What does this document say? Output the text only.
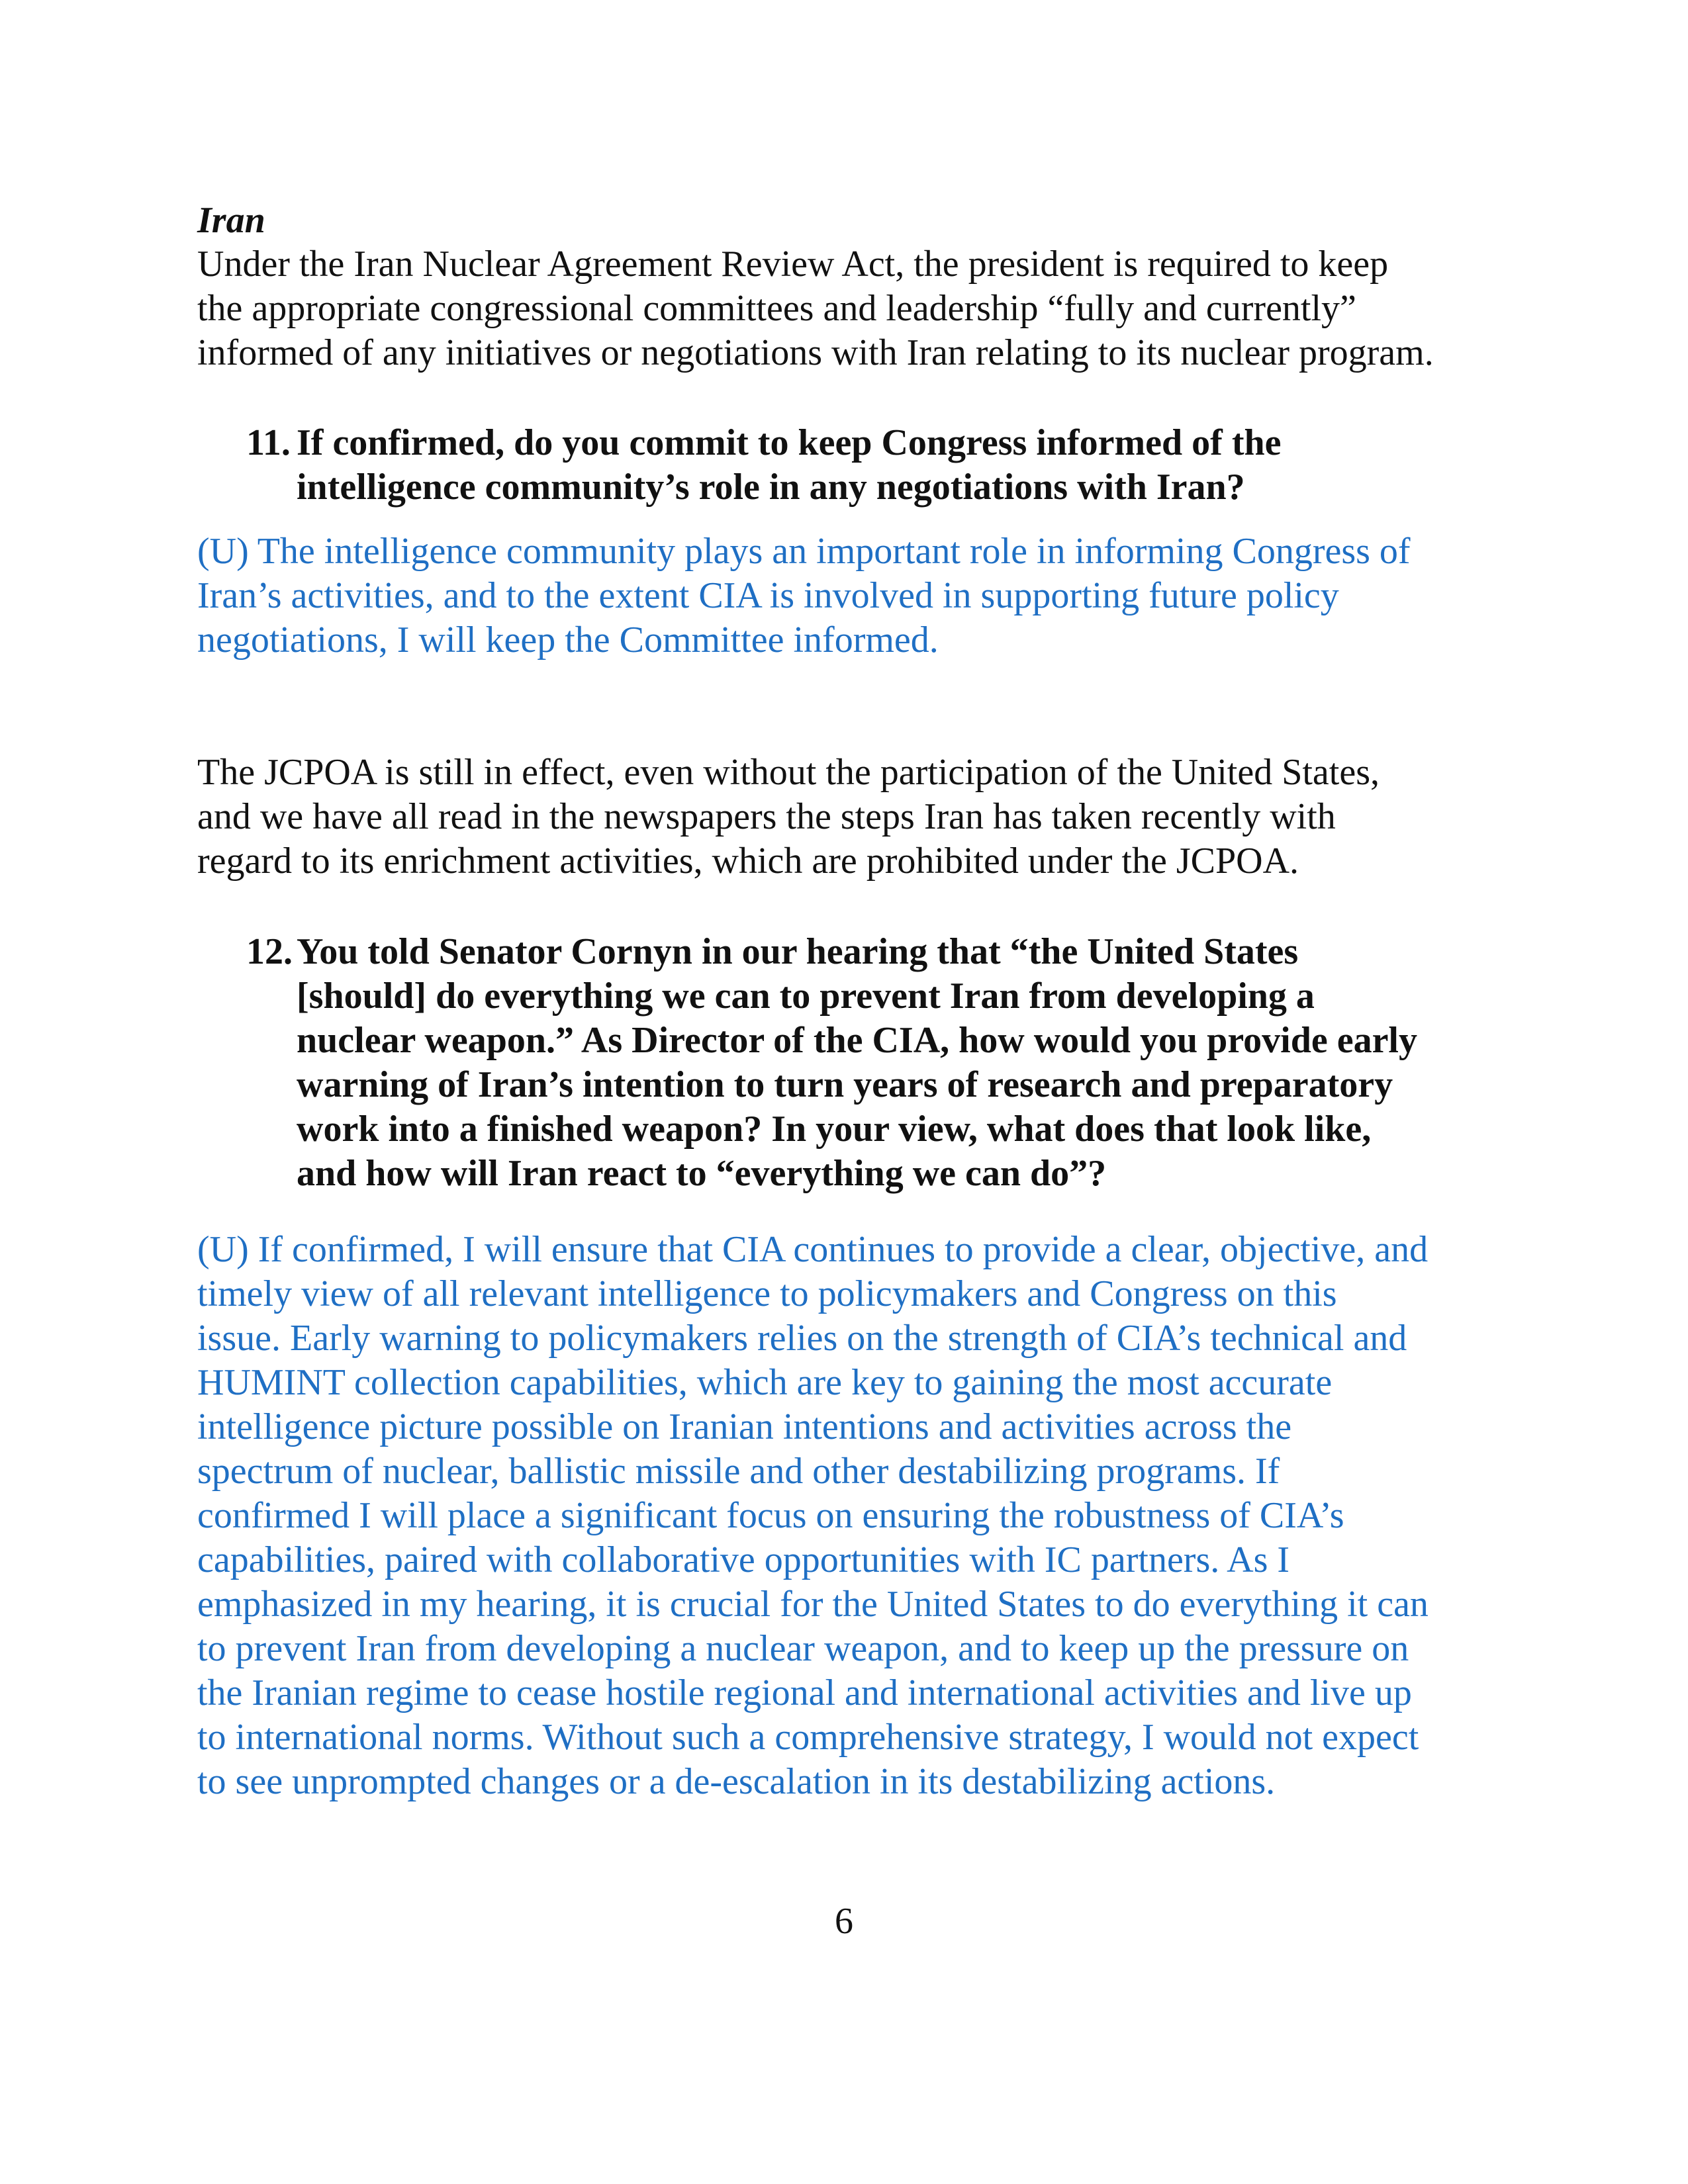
Iran
Under the Iran Nuclear Agreement Review Act, the president is required to keep
the appropriate congressional committees and leadership “fully and currently”
informed of any initiatives or negotiations with Iran relating to its nuclear program.
11. If confirmed, do you commit to keep Congress informed of the
intelligence community’s role in any negotiations with Iran?
(U) The intelligence community plays an important role in informing Congress of
Iran’s activities, and to the extent CIA is involved in supporting future policy
negotiations, I will keep the Committee informed.
The JCPOA is still in effect, even without the participation of the United States,
and we have all read in the newspapers the steps Iran has taken recently with
regard to its enrichment activities, which are prohibited under the JCPOA.
12. You told Senator Cornyn in our hearing that “the United States
[should] do everything we can to prevent Iran from developing a
nuclear weapon.” As Director of the CIA, how would you provide early
warning of Iran’s intention to turn years of research and preparatory
work into a finished weapon? In your view, what does that look like,
and how will Iran react to “everything we can do”?
(U) If confirmed, I will ensure that CIA continues to provide a clear, objective, and
timely view of all relevant intelligence to policymakers and Congress on this
issue. Early warning to policymakers relies on the strength of CIA’s technical and
HUMINT collection capabilities, which are key to gaining the most accurate
intelligence picture possible on Iranian intentions and activities across the
spectrum of nuclear, ballistic missile and other destabilizing programs. If
confirmed I will place a significant focus on ensuring the robustness of CIA’s
capabilities, paired with collaborative opportunities with IC partners. As I
emphasized in my hearing, it is crucial for the United States to do everything it can
to prevent Iran from developing a nuclear weapon, and to keep up the pressure on
the Iranian regime to cease hostile regional and international activities and live up
to international norms. Without such a comprehensive strategy, I would not expect
to see unprompted changes or a de-escalation in its destabilizing actions.
6
